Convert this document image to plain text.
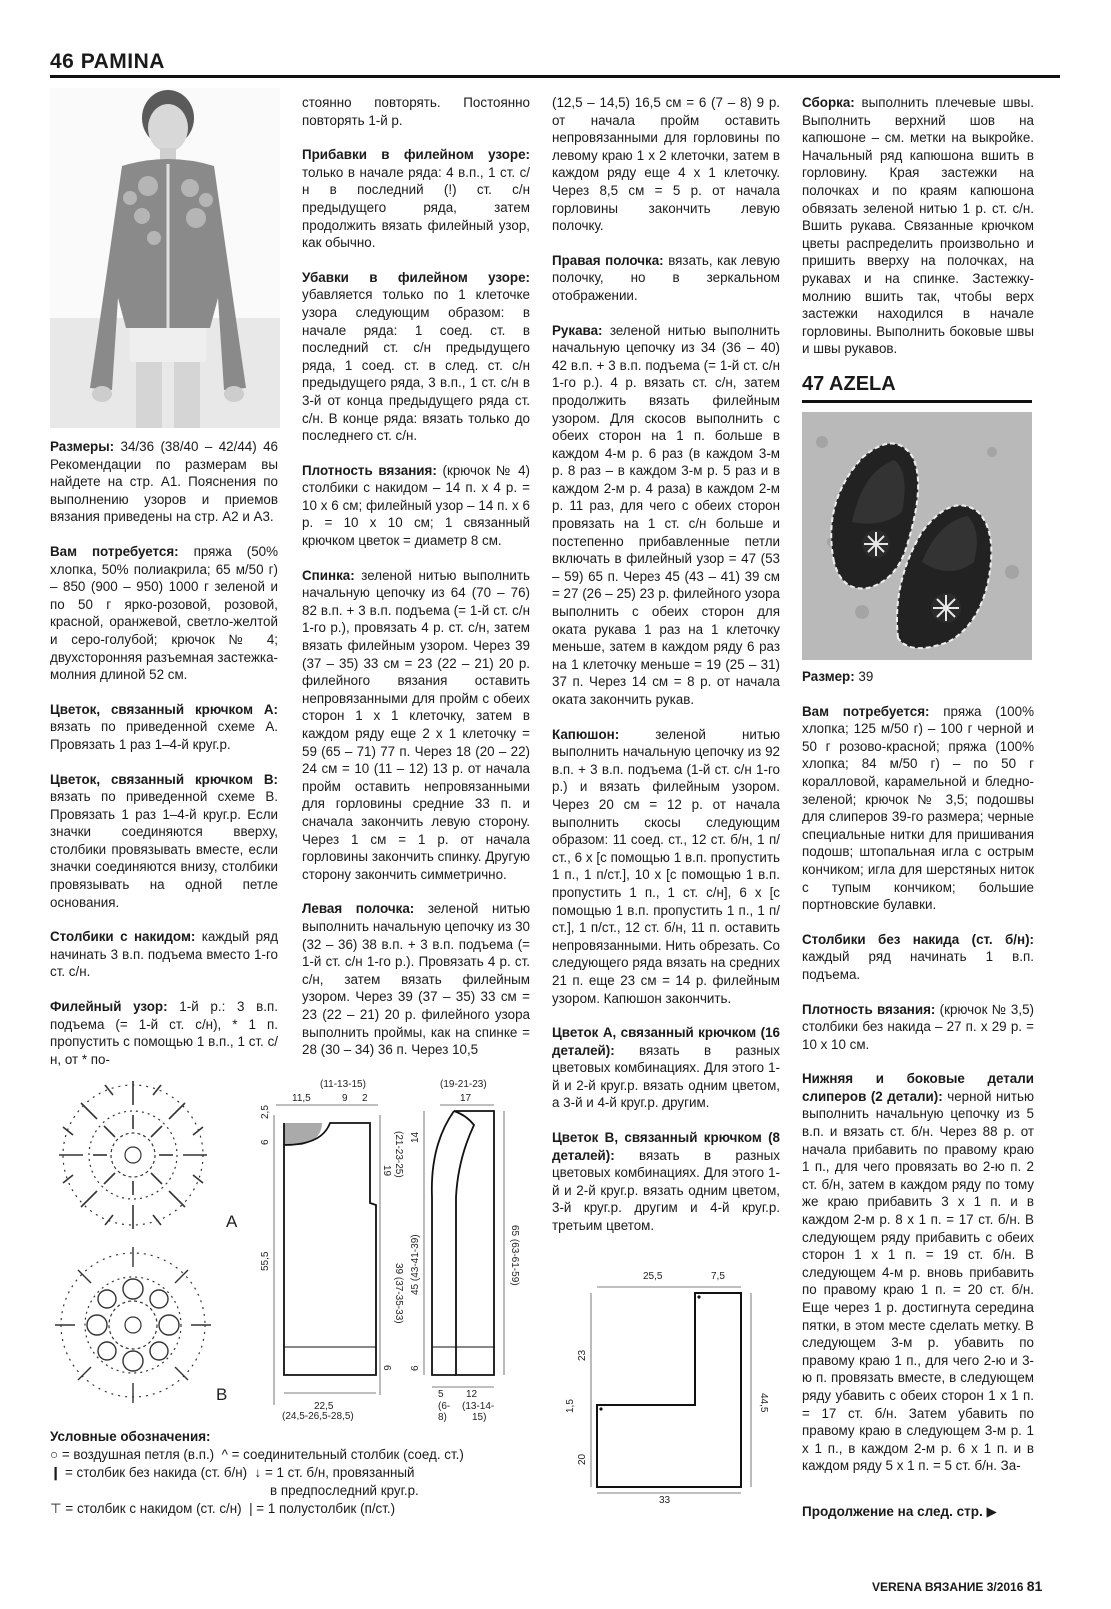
46 PAMINA

Размеры: 34/36 (38/40 – 42/44) 46 Рекомендации по размерам вы найдете на стр. А1. Пояснения по выполнению узоров и приемов вязания приведены на стр. А2 и А3.

Вам потребуется: пряжа (50% хлопка, 50% полиакрила; 65 м/50 г) – 850 (900 – 950) 1000 г зеленой и по 50 г ярко-розовой, розовой, красной, оранжевой, светло-желтой и серо-голубой; крючок № 4; двухсторонняя разъемная застежка-молния длиной 52 см.

Цветок, связанный крючком A: вязать по приведенной схеме А. Провязать 1 раз 1–4-й круг.р.

Цветок, связанный крючком B: вязать по приведенной схеме В. Провязать 1 раз 1–4-й круг.р. Если значки соединяются вверху, столбики провязывать вместе, если значки соединяются внизу, столбики провязывать на одной петле основания.

Столбики с накидом: каждый ряд начинать 3 в.п. подъема вместо 1-го ст. с/н.

Филейный узор: 1-й р.: 3 в.п. подъема (= 1-й ст. с/н), * 1 п. пропустить с помощью 1 в.п., 1 ст. с/н, от * по-

стоянно повторять. Постоянно повторять 1-й р.

Прибавки в филейном узоре: только в начале ряда: 4 в.п., 1 ст. с/н в последний (!) ст. с/н предыдущего ряда, затем продолжить вязать филейный узор, как обычно.

Убавки в филейном узоре: убавляется только по 1 клеточке узора следующим образом: в начале ряда: 1 соед. ст. в последний ст. с/н предыдущего ряда, 1 соед. ст. в след. ст. с/н предыдущего ряда, 3 в.п., 1 ст. с/н в 3-й от конца предыдущего ряда ст. с/н. В конце ряда: вязать только до последнего ст. с/н.

Плотность вязания: (крючок № 4) столбики с накидом – 14 п. х 4 р. = 10 х 6 см; филейный узор – 14 п. х 6 р. = 10 х 10 см; 1 связанный крючком цветок = диаметр 8 см.

Спинка: зеленой нитью выполнить начальную цепочку из 64 (70 – 76) 82 в.п. + 3 в.п. подъема (= 1-й ст. с/н 1-го р.), провязать 4 р. ст. с/н, затем вязать филейным узором. Через 39 (37 – 35) 33 см = 23 (22 – 21) 20 р. филейного вязания оставить непровязанными для пройм с обеих сторон 1 х 1 клеточку, затем в каждом ряду еще 2 х 1 клеточку = 59 (65 – 71) 77 п. Через 18 (20 – 22) 24 см = 10 (11 – 12) 13 р. от начала пройм оставить непровязанными для горловины средние 33 п. и сначала закончить левую сторону. Через 1 см = 1 р. от начала горловины закончить спинку. Другую сторону закончить симметрично.

Левая полочка: зеленой нитью выполнить начальную цепочку из 30 (32 – 36) 38 в.п. + 3 в.п. подъема (= 1-й ст. с/н 1-го р.). Провязать 4 р. ст. с/н, затем вязать филейным узором. Через 39 (37 – 35) 33 см = 23 (22 – 21) 20 р. филейного узора выполнить проймы, как на спинке = 28 (30 – 34) 36 п. Через 10,5

(12,5 – 14,5) 16,5 см = 6 (7 – 8) 9 р. от начала пройм оставить непровязанными для горловины по левому краю 1 х 2 клеточки, затем в каждом ряду еще 4 х 1 клеточку. Через 8,5 см = 5 р. от начала горловины закончить левую полочку.

Правая полочка: вязать, как левую полочку, но в зеркальном отображении.

Рукава: зеленой нитью выполнить начальную цепочку из 34 (36 – 40) 42 в.п. + 3 в.п. подъема (= 1-й ст. с/н 1-го р.). 4 р. вязать ст. с/н, затем продолжить вязать филейным узором. Для скосов выполнить с обеих сторон на 1 п. больше в каждом 4-м р. 6 раз (в каждом 3-м р. 8 раз – в каждом 3-м р. 5 раз и в каждом 2-м р. 4 раза) в каждом 2-м р. 11 раз, для чего с обеих сторон провязать на 1 ст. с/н больше и постепенно прибавленные петли включать в филейный узор = 47 (53 – 59) 65 п. Через 45 (43 – 41) 39 см = 27 (26 – 25) 23 р. филейного узора выполнить с обеих сторон для оката рукава 1 раз на 1 клеточку меньше, затем в каждом ряду 6 раз на 1 клеточку меньше = 19 (25 – 31) 37 п. Через 14 см = 8 р. от начала оката закончить рукав.

Капюшон: зеленой нитью выполнить начальную цепочку из 92 в.п. + 3 в.п. подъема (1-й ст. с/н 1-го р.) и вязать филейным узором. Через 20 см = 12 р. от начала выполнить скосы следующим образом: 11 соед. ст., 12 ст. б/н, 1 п/ст., 6 х [с помощью 1 в.п. пропустить 1 п., 1 п/ст.], 10 х [с помощью 1 в.п. пропустить 1 п., 1 ст. с/н], 6 х [с помощью 1 в.п. пропустить 1 п., 1 п/ст.], 1 п/ст., 12 ст. б/н, 11 п. оставить непровязанными. Нить обрезать. Со следующего ряда вязать на средних 21 п. еще 23 см = 14 р. филейным узором. Капюшон закончить.

Цветок А, связанный крючком (16 деталей): вязать в разных цветовых комбинациях. Для этого 1-й и 2-й круг.р. вязать одним цветом, а 3-й и 4-й круг.р. другим.

Цветок В, связанный крючком (8 деталей): вязать в разных цветовых комбинациях. Для этого 1-й и 2-й круг.р. вязать одним цветом, 3-й круг.р. другим и 4-й круг.р. третьим цветом.

Сборка: выполнить плечевые швы. Выполнить верхний шов на капюшоне – см. метки на выкройке. Начальный ряд капюшона вшить в горловину. Края застежки на полочках и по краям капюшона обвязать зеленой нитью 1 р. ст. с/н. Вшить рукава. Связанные крючком цветы распределить произвольно и пришить вверху на полочках, на рукавах и на спинке. Застежку-молнию вшить так, чтобы верх застежки находился в начале горловины. Выполнить боковые швы и швы рукавов.

47 AZELA

Размер: 39

Вам потребуется: пряжа (100% хлопка; 125 м/50 г) – 100 г черной и 50 г розово-красной; пряжа (100% хлопка; 84 м/50 г) – по 50 г коралловой, карамельной и бледно-зеленой; крючок № 3,5; подошвы для слиперов 39-го размера; черные специальные нитки для пришивания подошв; штопальная игла с острым кончиком; игла для шерстяных ниток с тупым кончиком; большие портновские булавки.

Столбики без накида (ст. б/н): каждый ряд начинать 1 в.п. подъема.

Плотность вязания: (крючок № 3,5) столбики без накида – 27 п. х 29 р. = 10 х 10 см.

Нижняя и боковые детали слиперов (2 детали): черной нитью выполнить начальную цепочку из 5 в.п. и вязать ст. б/н. Через 88 р. от начала прибавить по правому краю 1 п., для чего провязать во 2-ю п. 2 ст. б/н, затем в каждом ряду по тому же краю прибавить 3 х 1 п. и в каждом 2-м р. 8 х 1 п. = 17 ст. б/н. В следующем ряду прибавить с обеих сторон 1 х 1 п. = 19 ст. б/н. В следующем 4-м р. вновь прибавить по правому краю 1 п. = 20 ст. б/н. Еще через 1 р. достигнута середина пятки, в этом месте сделать метку. В следующем 3-м р. убавить по правому краю 1 п., для чего 2-ю и 3-ю п. провязать вместе, в следующем ряду убавить с обеих сторон 1 х 1 п. = 17 ст. б/н. Затем убавить по правому краю в следующем 3-м р. 1 х 1 п., в каждом 2-м р. 6 х 1 п. и в каждом ряду 5 х 1 п. = 5 ст. б/н. За-

A
B
(11-13-15)
11,5	9 2
2,5
6
19 (21-23-25)
55,5
39 (37-35-33)
6
22,5
(24,5-26,5-28,5)
(19-21-23)
17
14
45 (43-41-39)	65 (63-61-59)
6
5 12
(6- (13-14-
15)
8)
25,5	7,5
23
1,5
20
44,5
33
Условные обозначения:
○ = воздушная петля (в.п.)  ^ = соединительный столбик (соед. ст.)
❙ = столбик без накида (ст. б/н)  ↓ = 1 ст. б/н, провязанный
в предпоследний круг.р.
⊤ = столбик с накидом (ст. с/н)  | = 1 полустолбик (п/ст.)	Продолжение на след. стр. ▶
VERENA ВЯЗАНИЕ 3/2016 81
